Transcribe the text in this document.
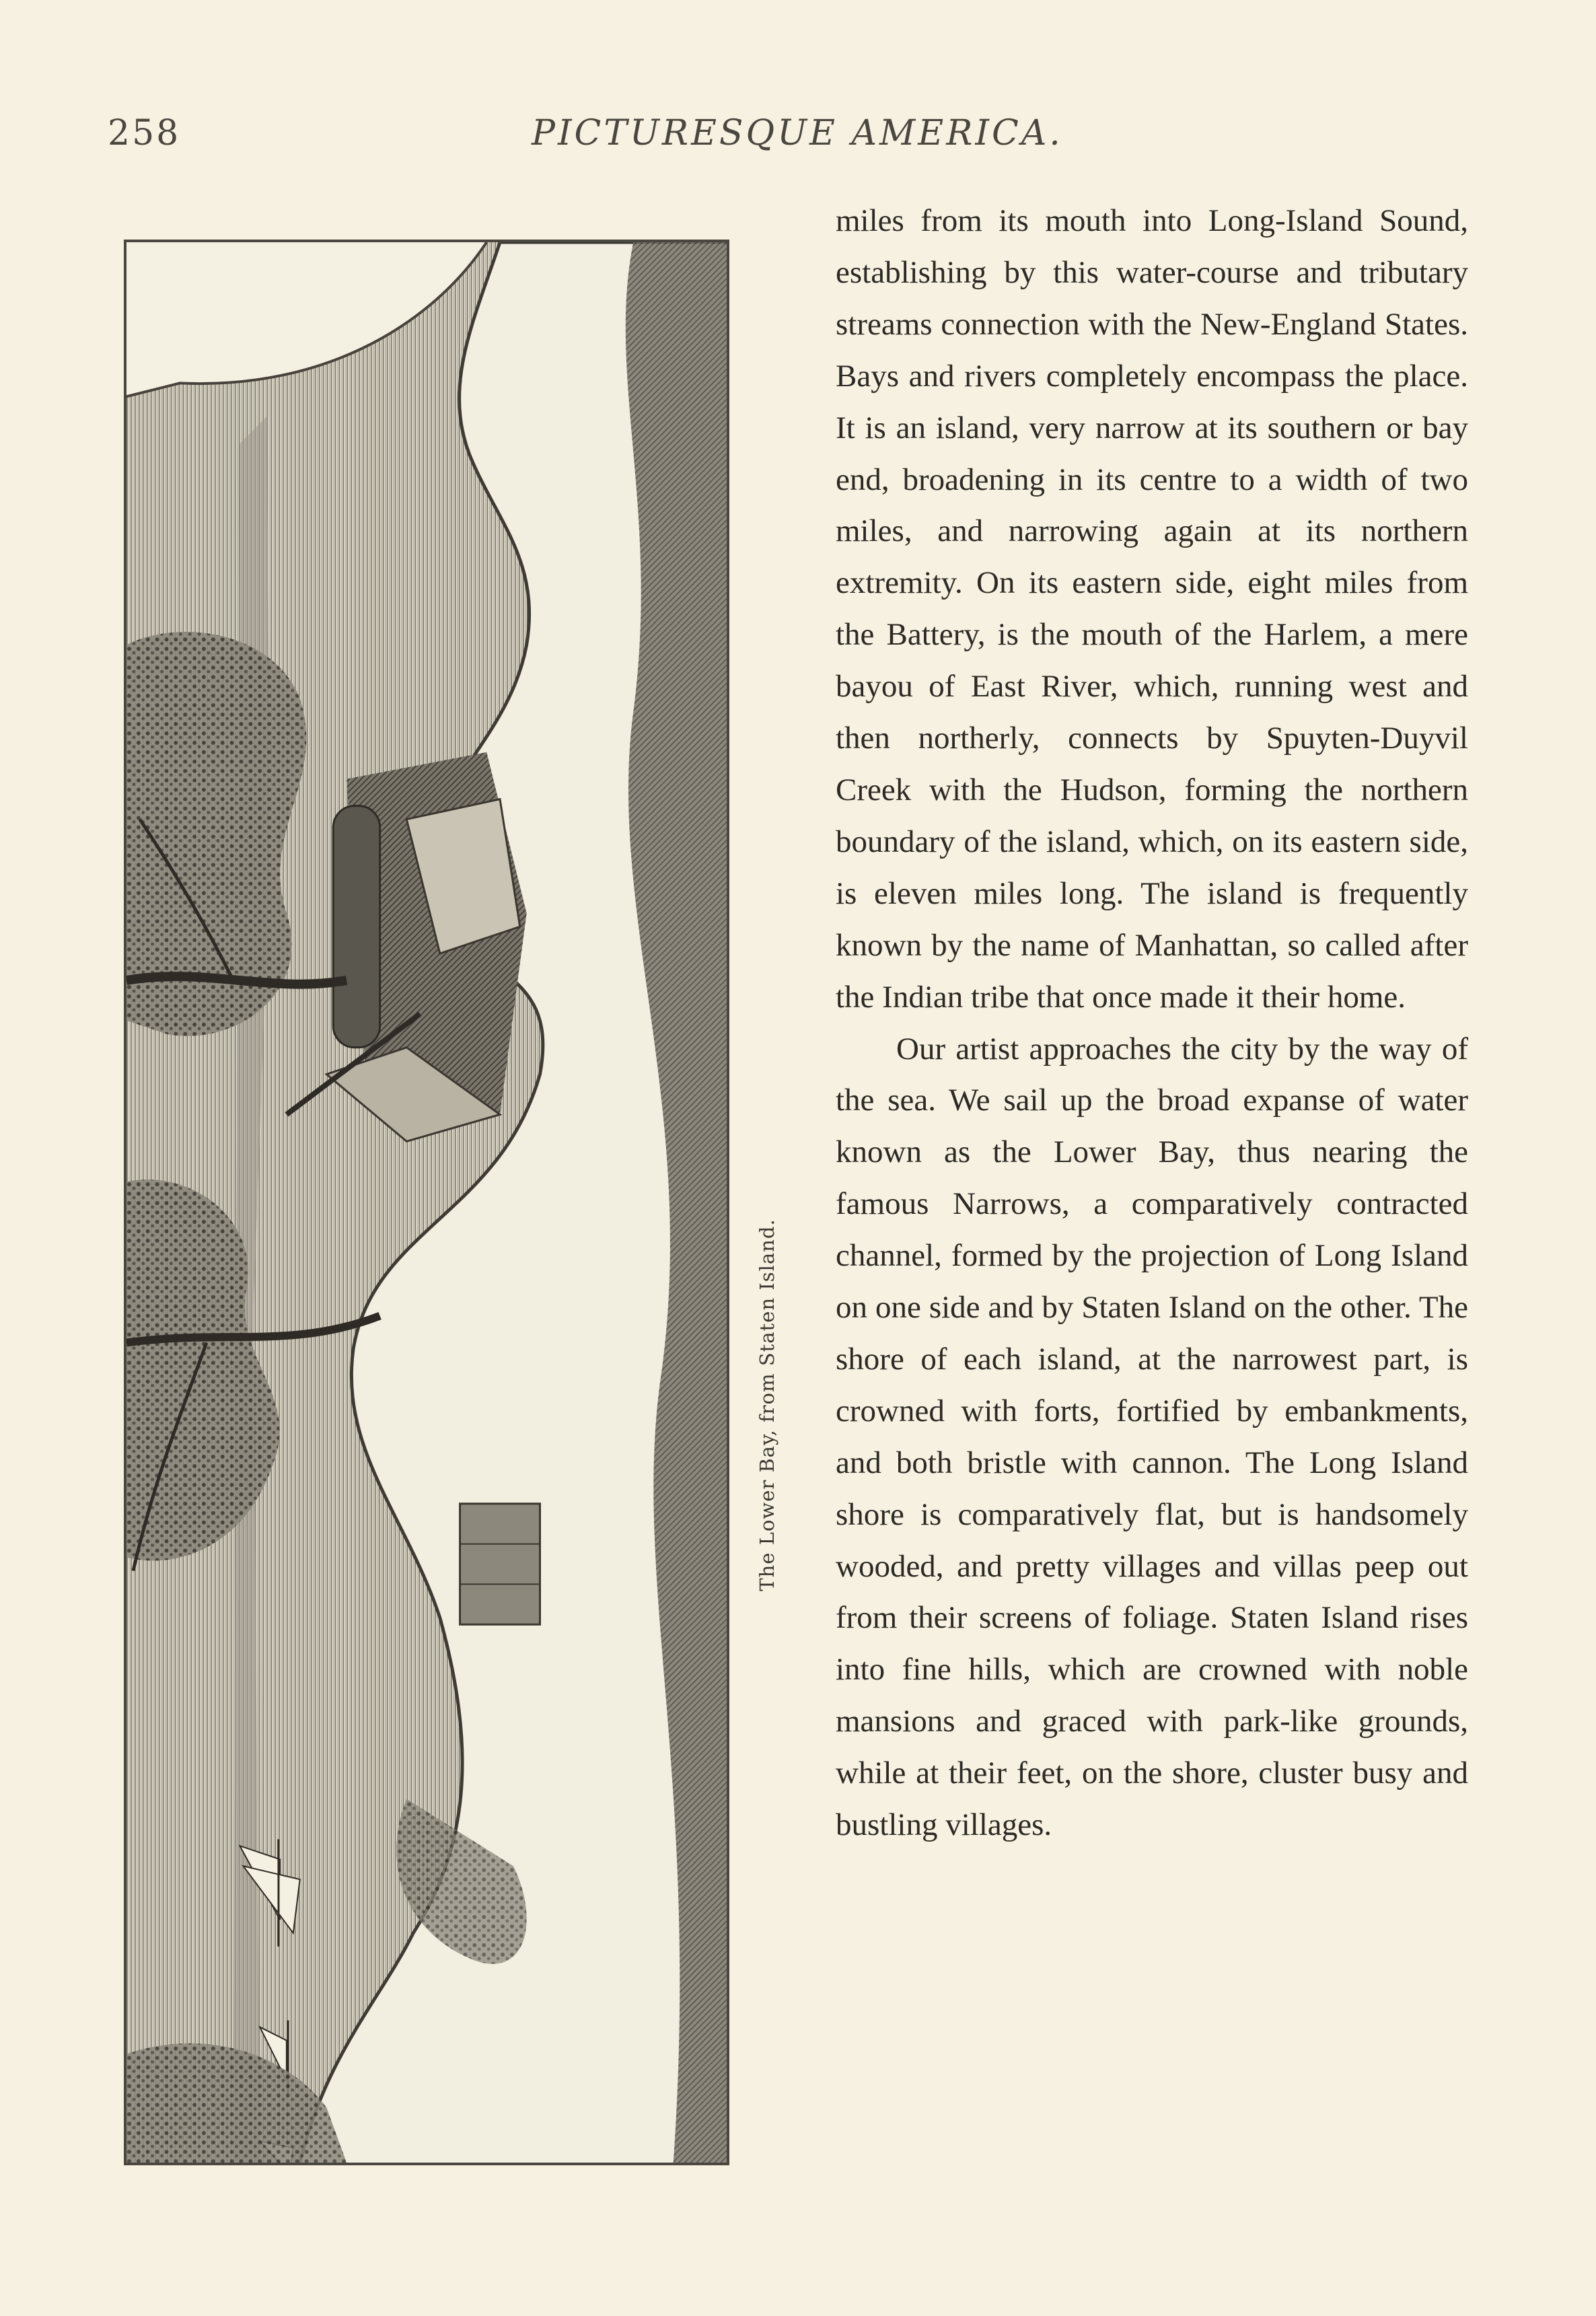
258	PICTURESQUE AMERICA.
The Lower Bay, from Staten Island.

miles from its mouth into Long-Island Sound, establishing by this water-course and tributary streams connection with the New-England States. Bays and rivers completely encompass the place. It is an island, very narrow at its southern or bay end, broadening in its centre to a width of two miles, and narrowing again at its northern extremity. On its eastern side, eight miles from the Battery, is the mouth of the Harlem, a mere bayou of East River, which, running west and then northerly, connects by Spuyten-Duyvil Creek with the Hudson, forming the northern boundary of the island, which, on its eastern side, is eleven miles long. The island is frequently known by the name of Manhattan, so called after the Indian tribe that once made it their home.

Our artist approaches the city by the way of the sea. We sail up the broad expanse of water known as the Lower Bay, thus nearing the famous Narrows, a comparatively contracted channel, formed by the projection of Long Island on one side and by Staten Island on the other. The shore of each island, at the narrowest part, is crowned with forts, fortified by embankments, and both bristle with cannon. The Long Island shore is comparatively flat, but is handsomely wooded, and pretty villages and villas peep out from their screens of foliage. Staten Island rises into fine hills, which are crowned with noble mansions and graced with park-like grounds, while at their feet, on the shore, cluster busy and bustling villages.
